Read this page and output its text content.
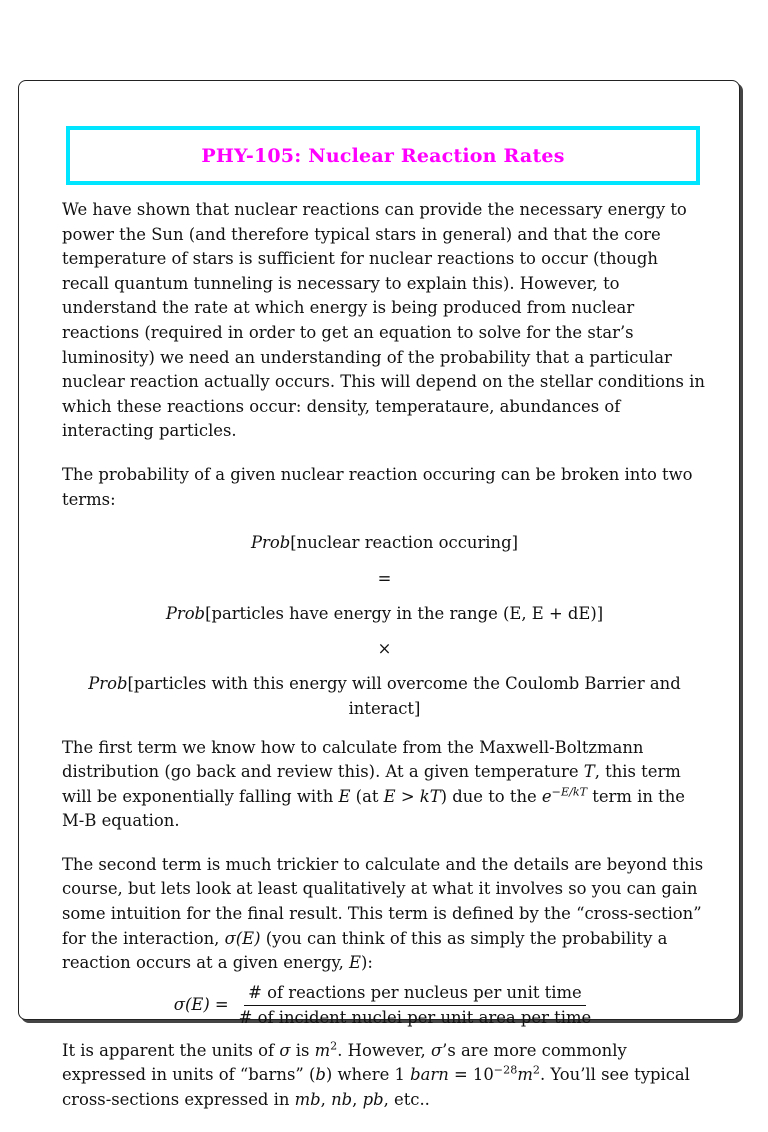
PHY-105: Nuclear Reaction Rates

We have shown that nuclear reactions can provide the necessary energy to power the Sun (and therefore typical stars in general) and that the core temperature of stars is sufficient for nuclear reactions to occur (though recall quantum tunneling is necessary to explain this). However, to understand the rate at which energy is being produced from nuclear reactions (required in order to get an equation to solve for the star’s luminosity) we need an understanding of the probability that a particular nuclear reaction actually occurs. This will depend on the stellar conditions in which these reactions occur: density, temperataure, abundances of interacting particles.

The probability of a given nuclear reaction occuring can be broken into two terms:

Prob[nuclear reaction occuring]
=
Prob[particles have energy in the range (E, E + dE)]
×
Prob[particles with this energy will overcome the Coulomb Barrier and interact]

The first term we know how to calculate from the Maxwell-Boltzmann distribution (go back and review this). At a given temperature T, this term will be exponentially falling with E (at E > kT) due to the $e^{-E/kT}$ term in the M-B equation.

The second term is much trickier to calculate and the details are beyond this course, but lets look at least qualitatively at what it involves so you can gain some intuition for the final result. This term is defined by the “cross-section” for the interaction, σ(E) (you can think of this as simply the probability a reaction occurs at a given energy, E):

$\sigma(E) = \frac{\text{\# of reactions per nucleus per unit time}}{\text{\# of incident nuclei per unit area per time}}$

It is apparent the units of σ is $m^2$. However, σ’s are more commonly expressed in units of “barns” (b) where 1 barn = $10^{-28}m^2$. You’ll see typical cross-sections expressed in mb, nb, pb, etc..
